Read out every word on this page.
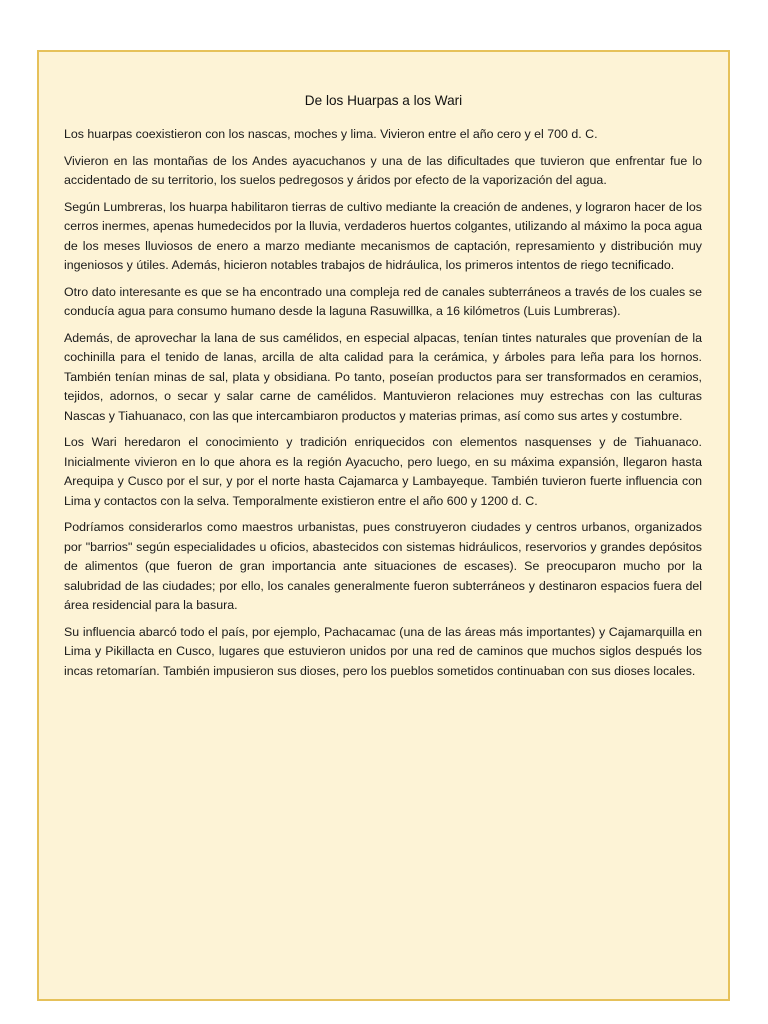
De los Huarpas a los Wari

Los huarpas coexistieron con los nascas, moches y lima. Vivieron entre el año cero y el 700 d. C.

Vivieron en las montañas de los Andes ayacuchanos y una de las dificultades que tuvieron que enfrentar fue lo accidentado de su territorio, los suelos pedregosos y áridos por efecto de la vaporización del agua.

Según Lumbreras, los huarpa habilitaron tierras de cultivo mediante la creación de andenes, y lograron hacer de los cerros inermes, apenas humedecidos por la lluvia, verdaderos huertos colgantes, utilizando al máximo la poca agua de los meses lluviosos de enero a marzo mediante mecanismos de captación, represamiento y distribución muy ingeniosos y útiles. Además, hicieron notables trabajos de hidráulica, los primeros intentos de riego tecnificado.

Otro dato interesante es que se ha encontrado una compleja red de canales subterráneos a través de los cuales se conducía agua para consumo humano desde la laguna Rasuwillka, a 16 kilómetros (Luis Lumbreras).

Además, de aprovechar la lana de sus camélidos, en especial alpacas, tenían tintes naturales que provenían de la cochinilla para el tenido de lanas, arcilla de alta calidad para la cerámica, y árboles para leña para los hornos. También tenían minas de sal, plata y obsidiana. Po tanto, poseían productos para ser transformados en ceramios, tejidos, adornos, o secar y salar carne de camélidos. Mantuvieron relaciones muy estrechas con las culturas Nascas y Tiahuanaco, con las que intercambiaron productos y materias primas, así como sus artes y costumbre.

Los Wari heredaron el conocimiento y tradición enriquecidos con elementos nasquenses y de Tiahuanaco. Inicialmente vivieron en lo que ahora es la región Ayacucho, pero luego, en su máxima expansión, llegaron hasta Arequipa y Cusco por el sur, y por el norte hasta Cajamarca y Lambayeque. También tuvieron fuerte influencia con Lima y contactos con la selva. Temporalmente existieron entre el año 600 y 1200 d. C.

Podríamos considerarlos como maestros urbanistas, pues construyeron ciudades y centros urbanos, organizados por "barrios" según especialidades u oficios, abastecidos con sistemas hidráulicos, reservorios y grandes depósitos de alimentos (que fueron de gran importancia ante situaciones de escases). Se preocuparon mucho por la salubridad de las ciudades; por ello, los canales generalmente fueron subterráneos y destinaron espacios fuera del área residencial para la basura.

Su influencia abarcó todo el país, por ejemplo, Pachacamac (una de las áreas más importantes) y Cajamarquilla en Lima y Pikillacta en Cusco, lugares que estuvieron unidos por una red de caminos que muchos siglos después los incas retomarían. También impusieron sus dioses, pero los pueblos sometidos continuaban con sus dioses locales.
